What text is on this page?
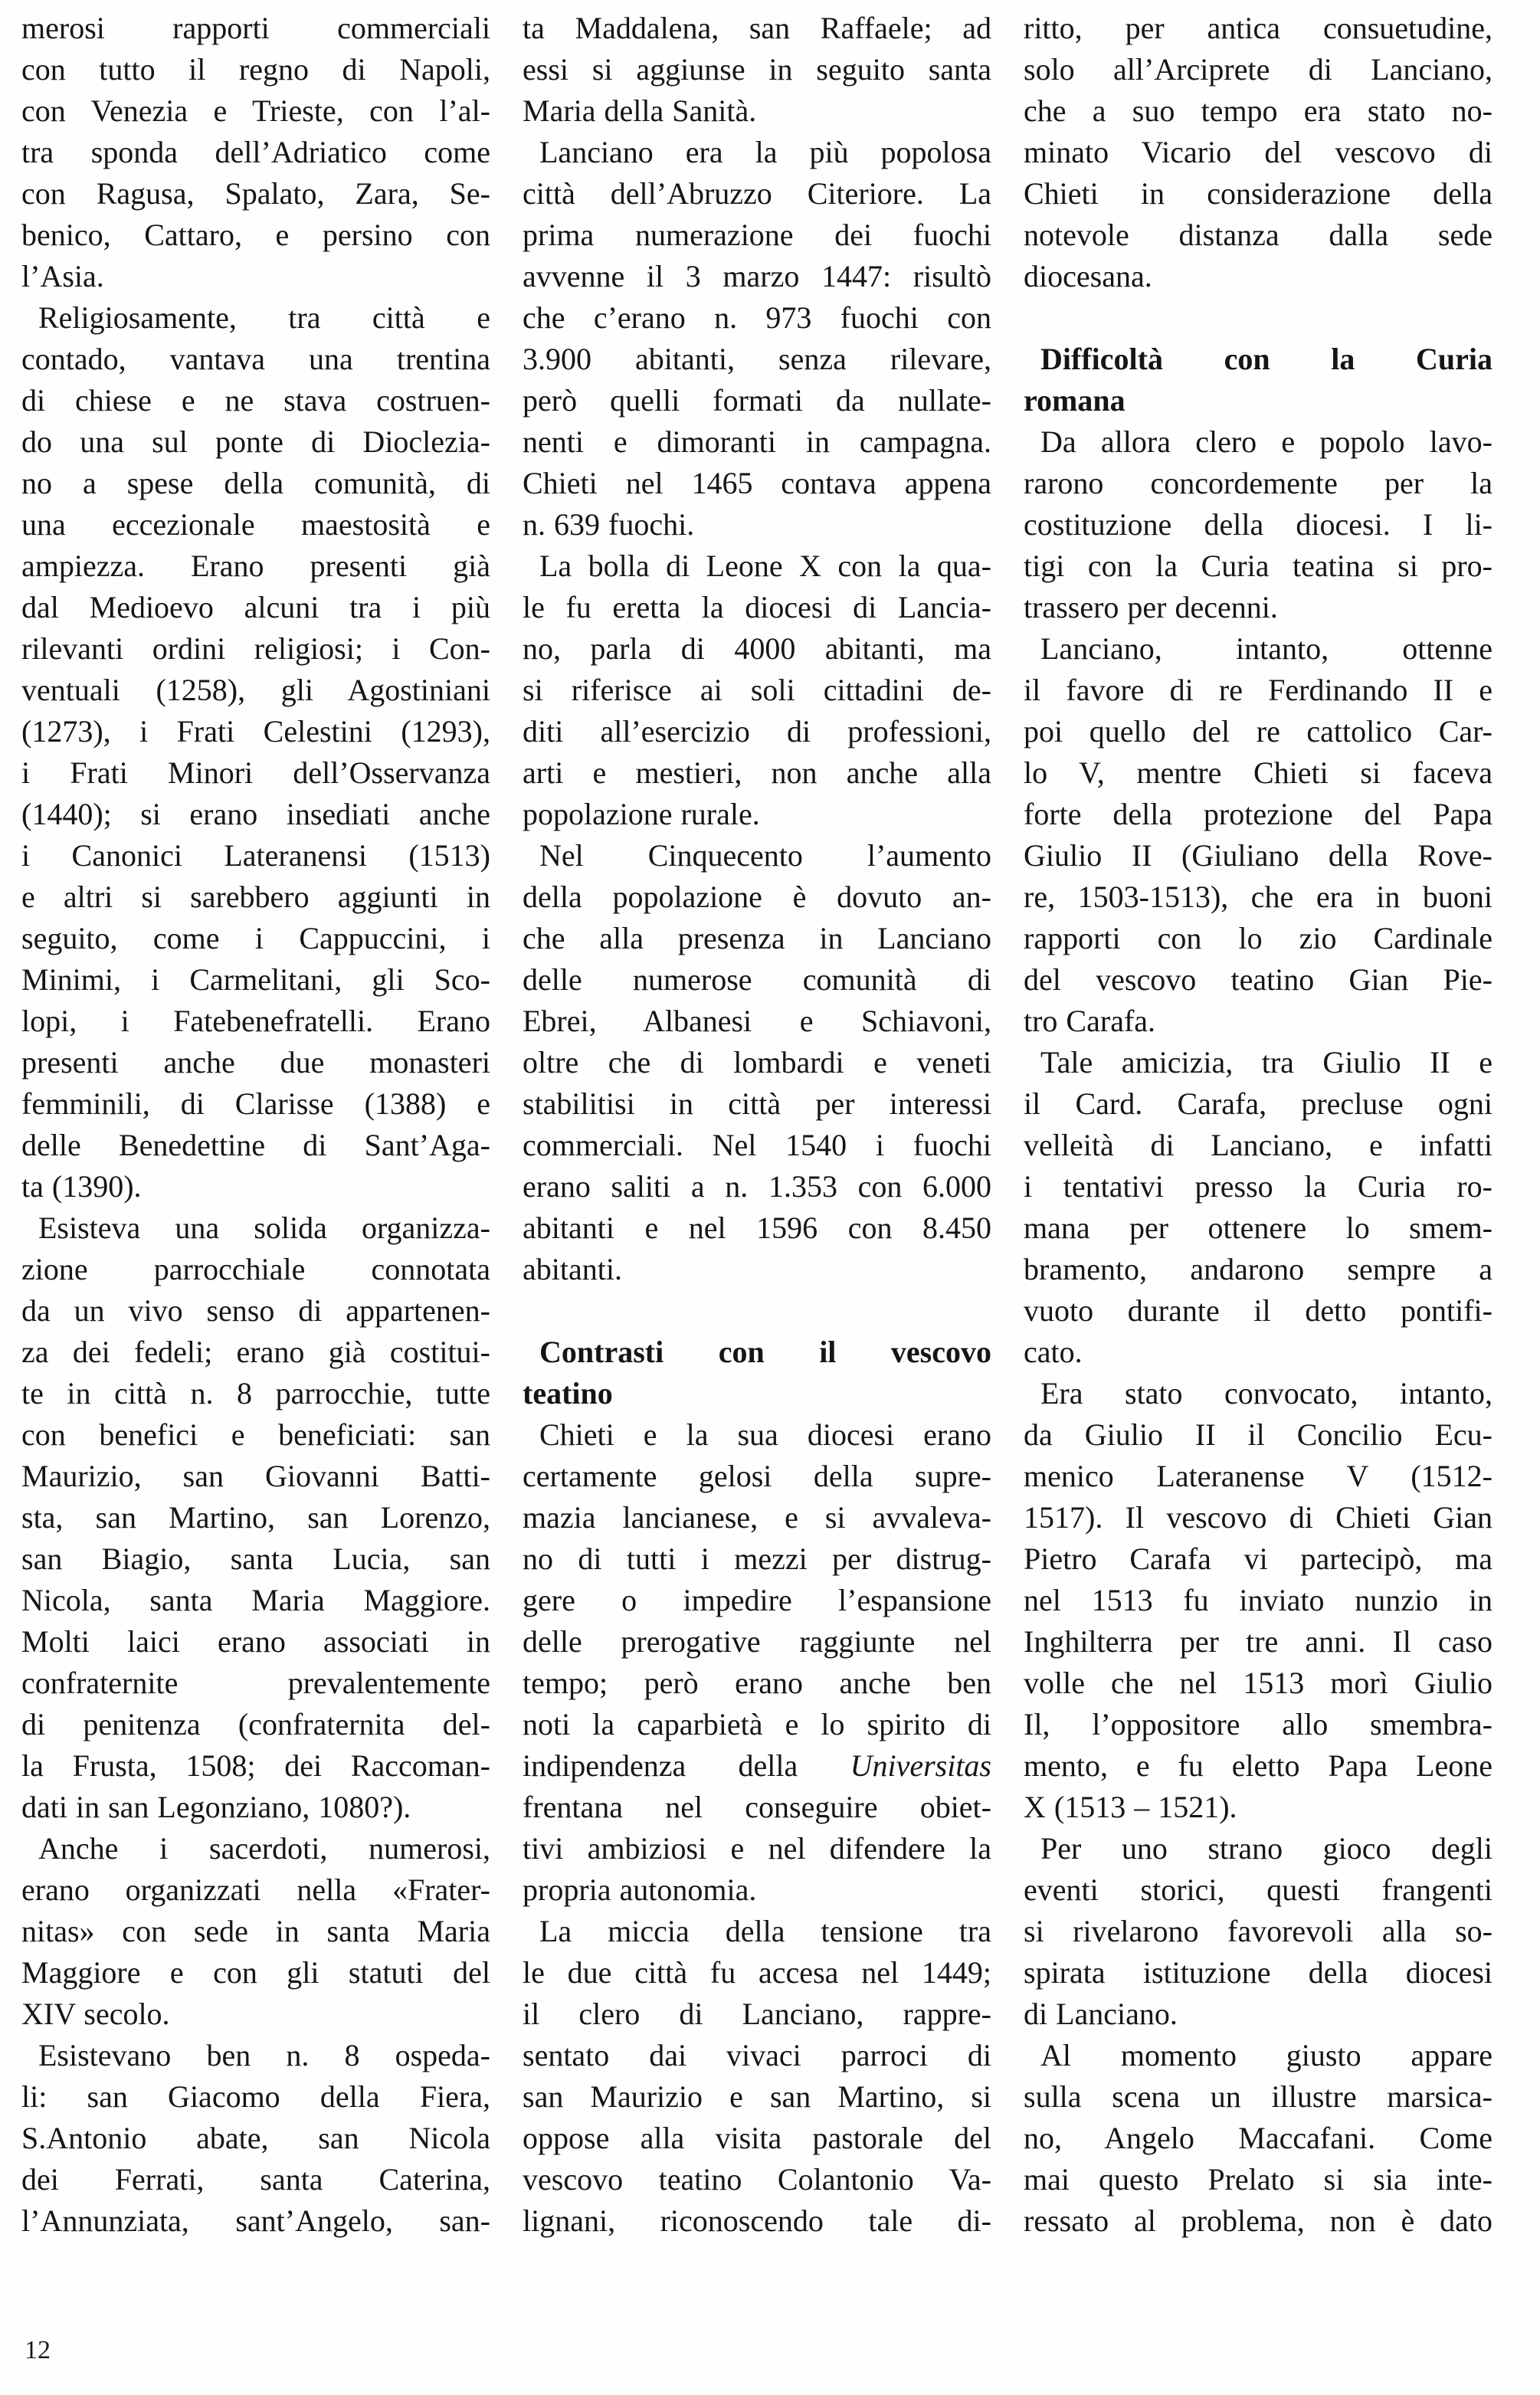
merosi rapporti commerciali
con tutto il regno di Napoli,
con Venezia e Trieste, con l’al-
tra sponda dell’Adriatico come
con Ragusa, Spalato, Zara, Se-
benico, Cattaro, e persino con
l’Asia.
Religiosamente, tra città e
contado, vantava una trentina
di chiese e ne stava costruen-
do una sul ponte di Dioclezia-
no a spese della comunità, di
una eccezionale maestosità e
ampiezza. Erano presenti già
dal Medioevo alcuni tra i più
rilevanti ordini religiosi; i Con-
ventuali (1258), gli Agostiniani
(1273), i Frati Celestini (1293),
i Frati Minori dell’Osservanza
(1440); si erano insediati anche
i Canonici Lateranensi (1513)
e altri si sarebbero aggiunti in
seguito, come i Cappuccini, i
Minimi, i Carmelitani, gli Sco-
lopi, i Fatebenefratelli. Erano
presenti anche due monasteri
femminili, di Clarisse (1388) e
delle Benedettine di Sant’Aga-
ta (1390).
Esisteva una solida organizza-
zione parrocchiale connotata
da un vivo senso di appartenen-
za dei fedeli; erano già costitui-
te in città n. 8 parrocchie, tutte
con benefici e beneficiati: san
Maurizio, san Giovanni Batti-
sta, san Martino, san Lorenzo,
san Biagio, santa Lucia, san
Nicola, santa Maria Maggiore.
Molti laici erano associati in
confraternite prevalentemente
di penitenza (confraternita del-
la Frusta, 1508; dei Raccoman-
dati in san Legonziano, 1080?).
Anche i sacerdoti, numerosi,
erano organizzati nella «Frater-
nitas» con sede in santa Maria
Maggiore e con gli statuti del
XIV secolo.
Esistevano ben n. 8 ospeda-
li: san Giacomo della Fiera,
S.Antonio abate, san Nicola
dei Ferrati, santa Caterina,
l’Annunziata, sant’Angelo, san-
ta Maddalena, san Raffaele; ad
essi si aggiunse in seguito santa
Maria della Sanità.
Lanciano era la più popolosa
città dell’Abruzzo Citeriore. La
prima numerazione dei fuochi
avvenne il 3 marzo 1447: risultò
che c’erano n. 973 fuochi con
3.900 abitanti, senza rilevare,
però quelli formati da nullate-
nenti e dimoranti in campagna.
Chieti nel 1465 contava appena
n. 639 fuochi.
La bolla di Leone X con la qua-
le fu eretta la diocesi di Lancia-
no, parla di 4000 abitanti, ma
si riferisce ai soli cittadini de-
diti all’esercizio di professioni,
arti e mestieri, non anche alla
popolazione rurale.
Nel Cinquecento l’aumento
della popolazione è dovuto an-
che alla presenza in Lanciano
delle numerose comunità di
Ebrei, Albanesi e Schiavoni,
oltre che di lombardi e veneti
stabilitisi in città per interessi
commerciali. Nel 1540 i fuochi
erano saliti a n. 1.353 con 6.000
abitanti e nel 1596 con 8.450
abitanti.
Contrasti con il vescovo
teatino
Chieti e la sua diocesi erano
certamente gelosi della supre-
mazia lancianese, e si avvaleva-
no di tutti i mezzi per distrug-
gere o impedire l’espansione
delle prerogative raggiunte nel
tempo; però erano anche ben
noti la caparbietà e lo spirito di
indipendenza della Universitas
frentana nel conseguire obiet-
tivi ambiziosi e nel difendere la
propria autonomia.
La miccia della tensione tra
le due città fu accesa nel 1449;
il clero di Lanciano, rappre-
sentato dai vivaci parroci di
san Maurizio e san Martino, si
oppose alla visita pastorale del
vescovo teatino Colantonio Va-
lignani, riconoscendo tale di-
ritto, per antica consuetudine,
solo all’Arciprete di Lanciano,
che a suo tempo era stato no-
minato Vicario del vescovo di
Chieti in considerazione della
notevole distanza dalla sede
diocesana.
Difficoltà con la Curia
romana
Da allora clero e popolo lavo-
rarono concordemente per la
costituzione della diocesi. I li-
tigi con la Curia teatina si pro-
trassero per decenni.
Lanciano, intanto, ottenne
il favore di re Ferdinando II e
poi quello del re cattolico Car-
lo V, mentre Chieti si faceva
forte della protezione del Papa
Giulio II (Giuliano della Rove-
re, 1503-1513), che era in buoni
rapporti con lo zio Cardinale
del vescovo teatino Gian Pie-
tro Carafa.
Tale amicizia, tra Giulio II e
il Card. Carafa, precluse ogni
velleità di Lanciano, e infatti
i tentativi presso la Curia ro-
mana per ottenere lo smem-
bramento, andarono sempre a
vuoto durante il detto pontifi-
cato.
Era stato convocato, intanto,
da Giulio II il Concilio Ecu-
menico Lateranense V (1512-
1517). Il vescovo di Chieti Gian
Pietro Carafa vi partecipò, ma
nel 1513 fu inviato nunzio in
Inghilterra per tre anni. Il caso
volle che nel 1513 morì Giulio
Il, l’oppositore allo smembra-
mento, e fu eletto Papa Leone
X (1513 – 1521).
Per uno strano gioco degli
eventi storici, questi frangenti
si rivelarono favorevoli alla so-
spirata istituzione della diocesi
di Lanciano.
Al momento giusto appare
sulla scena un illustre marsica-
no, Angelo Maccafani. Come
mai questo Prelato si sia inte-
ressato al problema, non è dato
12
